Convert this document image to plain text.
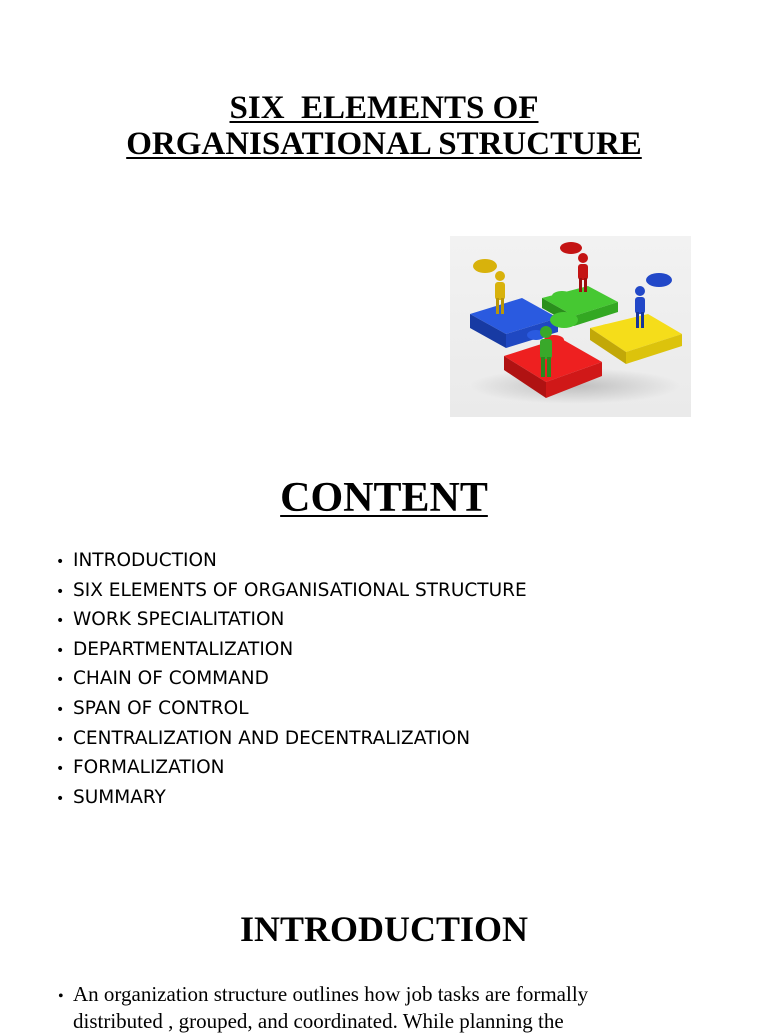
SIX  ELEMENTS OF
ORGANISATIONAL STRUCTURE
CONTENT
• INTRODUCTION
• SIX ELEMENTS OF ORGANISATIONAL STRUCTURE
• WORK SPECIALITATION
• DEPARTMENTALIZATION
• CHAIN OF COMMAND
• SPAN OF CONTROL
• CENTRALIZATION AND DECENTRALIZATION
• FORMALIZATION
• SUMMARY
INTRODUCTION
• An organization structure outlines how job tasks are formally
distributed , grouped, and coordinated. While planning the
